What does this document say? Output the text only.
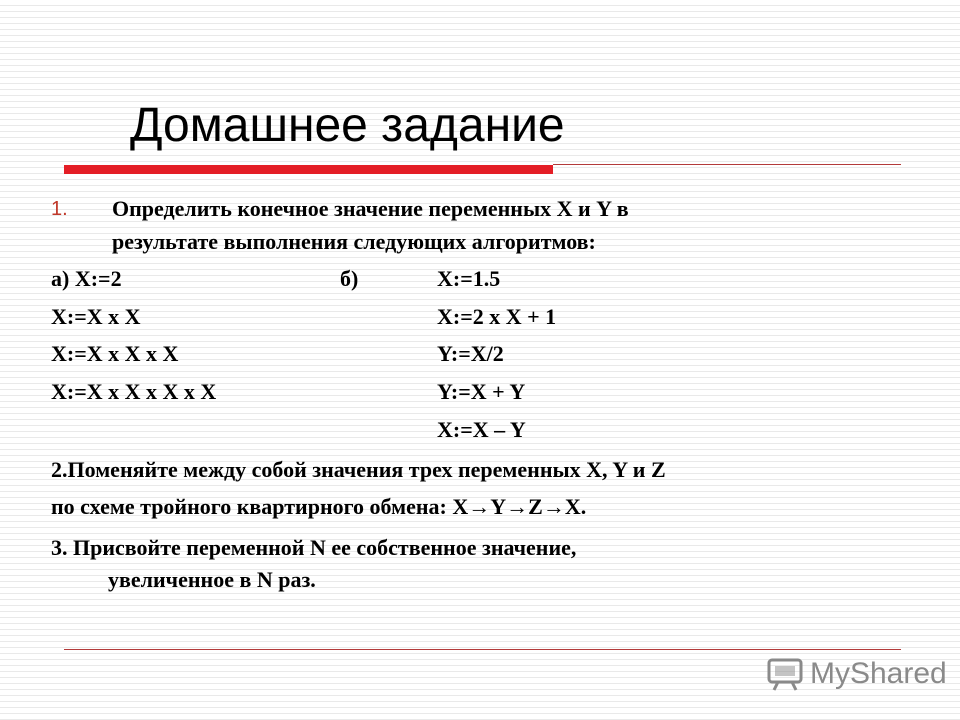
Домашнее задание
1. Определить конечное значение переменных X и Y в
результате выполнения следующих алгоритмов:
а) X:=2
X:=X x X
X:=X x X x X
X:=X x X x X x X
б)	X:=1.5
X:=2 x X + 1
Y:=X/2
Y:=X + Y
X:=X – Y
2.Поменяйте между собой значения трех переменных X, Y и Z
по схеме тройного квартирного обмена: X→Y→Z→X.
3. Присвойте переменной N ее собственное значение,
увеличенное в N раз.
MyShared
